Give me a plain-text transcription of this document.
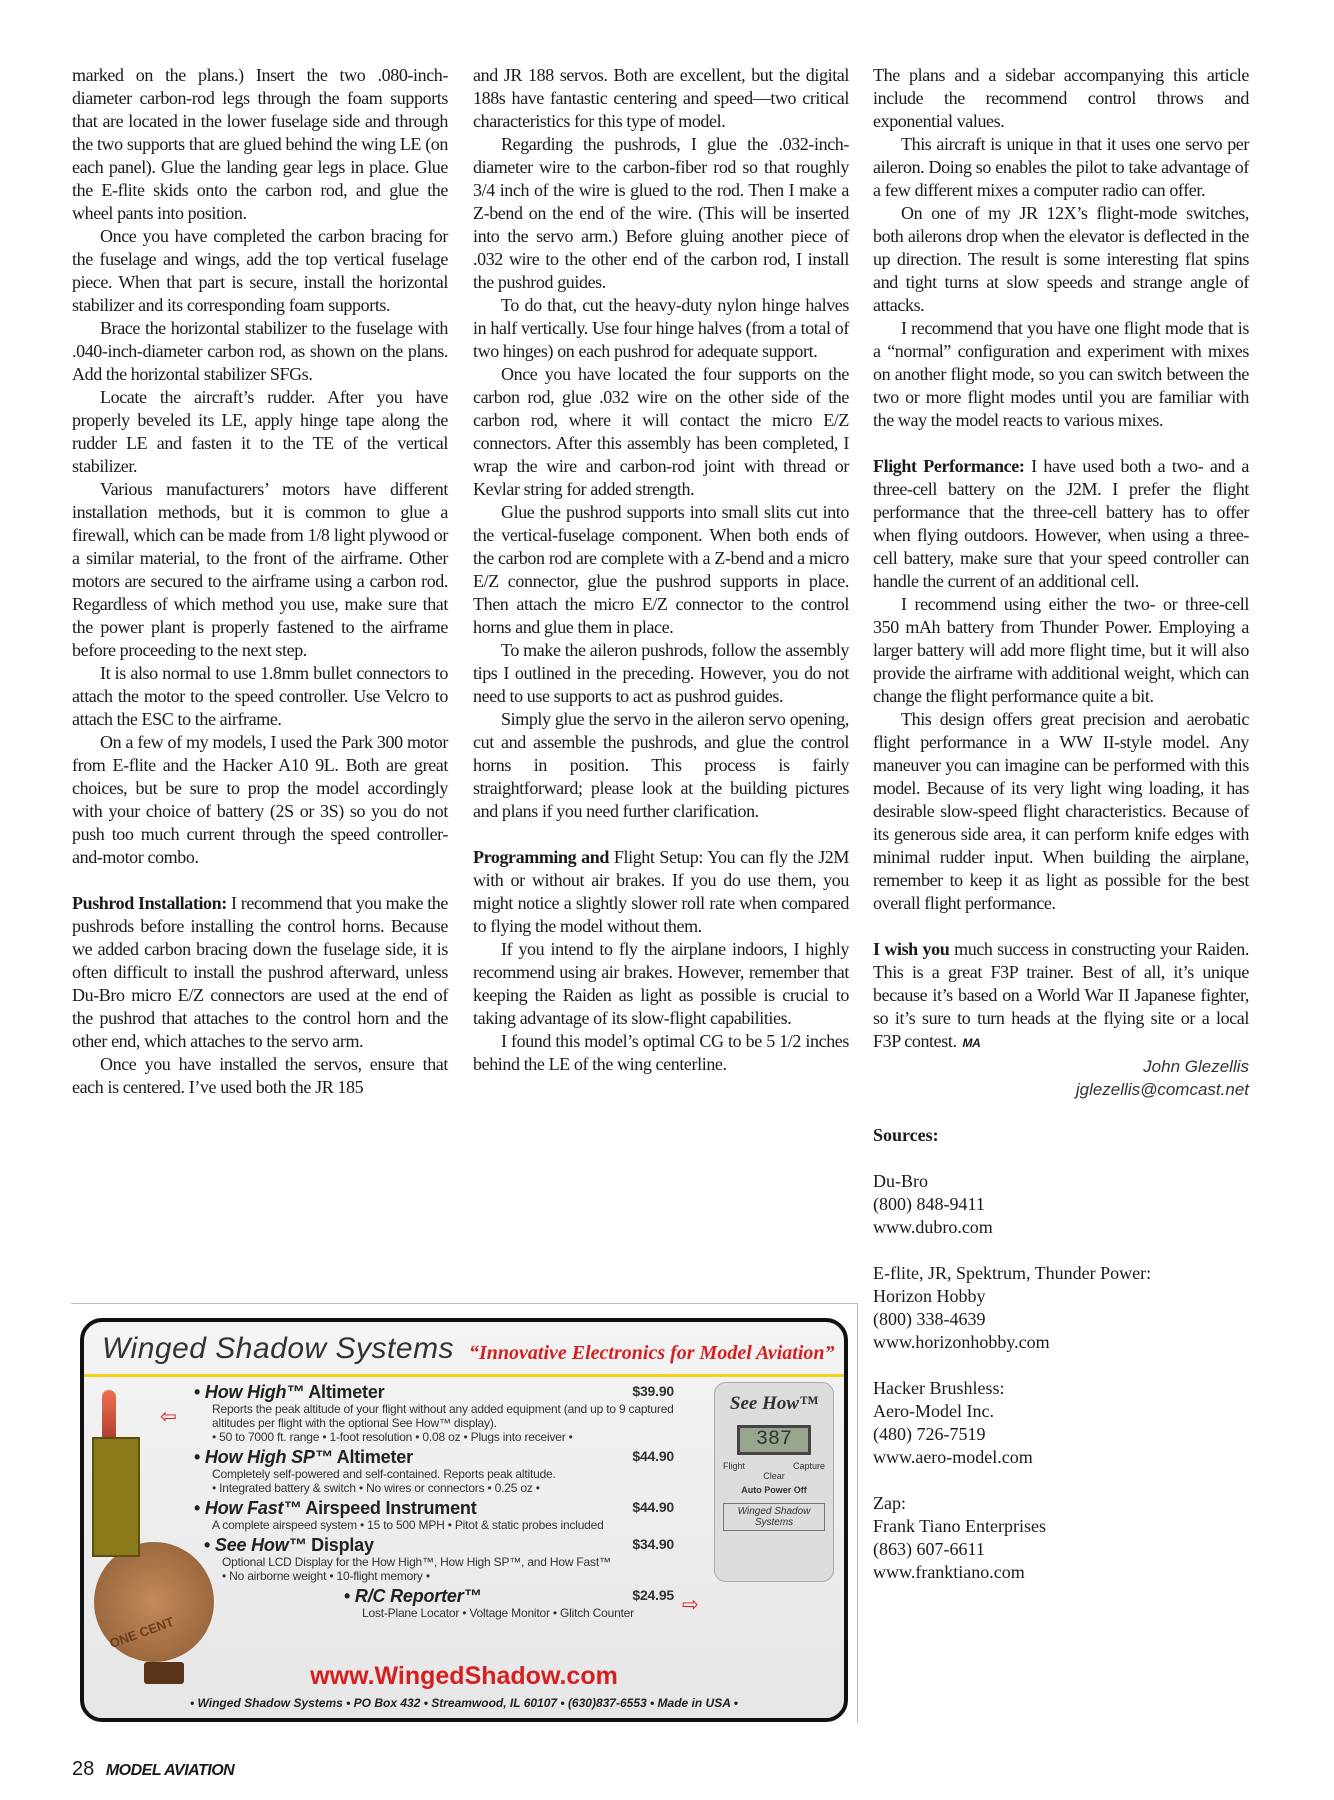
marked on the plans.) Insert the two .080-inch-diameter carbon-rod legs through the foam supports that are located in the lower fuselage side and through the two supports that are glued behind the wing LE (on each panel). Glue the landing gear legs in place. Glue the E-flite skids onto the carbon rod, and glue the wheel pants into position.

Once you have completed the carbon bracing for the fuselage and wings, add the top vertical fuselage piece. When that part is secure, install the horizontal stabilizer and its corresponding foam supports.

Brace the horizontal stabilizer to the fuselage with .040-inch-diameter carbon rod, as shown on the plans. Add the horizontal stabilizer SFGs.

Locate the aircraft’s rudder. After you have properly beveled its LE, apply hinge tape along the rudder LE and fasten it to the TE of the vertical stabilizer.

Various manufacturers’ motors have different installation methods, but it is common to glue a firewall, which can be made from 1/8 light plywood or a similar material, to the front of the airframe. Other motors are secured to the airframe using a carbon rod. Regardless of which method you use, make sure that the power plant is properly fastened to the airframe before proceeding to the next step.

It is also normal to use 1.8mm bullet connectors to attach the motor to the speed controller. Use Velcro to attach the ESC to the airframe.

On a few of my models, I used the Park 300 motor from E-flite and the Hacker A10 9L. Both are great choices, but be sure to prop the model accordingly with your choice of battery (2S or 3S) so you do not push too much current through the speed controller-and-motor combo.

Pushrod Installation: I recommend that you make the pushrods before installing the control horns. Because we added carbon bracing down the fuselage side, it is often difficult to install the pushrod afterward, unless Du-Bro micro E/Z connectors are used at the end of the pushrod that attaches to the control horn and the other end, which attaches to the servo arm.

Once you have installed the servos, ensure that each is centered. I’ve used both the JR 185

and JR 188 servos. Both are excellent, but the digital 188s have fantastic centering and speed—two critical characteristics for this type of model.

Regarding the pushrods, I glue the .032-inch-diameter wire to the carbon-fiber rod so that roughly 3/4 inch of the wire is glued to the rod. Then I make a Z-bend on the end of the wire. (This will be inserted into the servo arm.) Before gluing another piece of .032 wire to the other end of the carbon rod, I install the pushrod guides.

To do that, cut the heavy-duty nylon hinge halves in half vertically. Use four hinge halves (from a total of two hinges) on each pushrod for adequate support.

Once you have located the four supports on the carbon rod, glue .032 wire on the other side of the carbon rod, where it will contact the micro E/Z connectors. After this assembly has been completed, I wrap the wire and carbon-rod joint with thread or Kevlar string for added strength.

Glue the pushrod supports into small slits cut into the vertical-fuselage component. When both ends of the carbon rod are complete with a Z-bend and a micro E/Z connector, glue the pushrod supports in place. Then attach the micro E/Z connector to the control horns and glue them in place.

To make the aileron pushrods, follow the assembly tips I outlined in the preceding. However, you do not need to use supports to act as pushrod guides.

Simply glue the servo in the aileron servo opening, cut and assemble the pushrods, and glue the control horns in position. This process is fairly straightforward; please look at the building pictures and plans if you need further clarification.

Programming and Flight Setup: You can fly the J2M with or without air brakes. If you do use them, you might notice a slightly slower roll rate when compared to flying the model without them.

If you intend to fly the airplane indoors, I highly recommend using air brakes. However, remember that keeping the Raiden as light as possible is crucial to taking advantage of its slow-flight capabilities.

I found this model’s optimal CG to be 5 1/2 inches behind the LE of the wing centerline.

The plans and a sidebar accompanying this article include the recommend control throws and exponential values.

This aircraft is unique in that it uses one servo per aileron. Doing so enables the pilot to take advantage of a few different mixes a computer radio can offer.

On one of my JR 12X’s flight-mode switches, both ailerons drop when the elevator is deflected in the up direction. The result is some interesting flat spins and tight turns at slow speeds and strange angle of attacks.

I recommend that you have one flight mode that is a “normal” configuration and experiment with mixes on another flight mode, so you can switch between the two or more flight modes until you are familiar with the way the model reacts to various mixes.

Flight Performance: I have used both a two- and a three-cell battery on the J2M. I prefer the flight performance that the three-cell battery has to offer when flying outdoors. However, when using a three-cell battery, make sure that your speed controller can handle the current of an additional cell.

I recommend using either the two- or three-cell 350 mAh battery from Thunder Power. Employing a larger battery will add more flight time, but it will also provide the airframe with additional weight, which can change the flight performance quite a bit.

This design offers great precision and aerobatic flight performance in a WW II-style model. Any maneuver you can imagine can be performed with this model. Because of its very light wing loading, it has desirable slow-speed flight characteristics. Because of its generous side area, it can perform knife edges with minimal rudder input. When building the airplane, remember to keep it as light as possible for the best overall flight performance.

I wish you much success in constructing your Raiden. This is a great F3P trainer. Best of all, it’s unique because it’s based on a World War II Japanese fighter, so it’s sure to turn heads at the flying site or a local F3P contest. MA

John Glezellis

jglezellis@comcast.net

Sources:
Du-Bro
(800) 848-9411
www.dubro.com
E-flite, JR, Spektrum, Thunder Power:
Horizon Hobby
(800) 338-4639
www.horizonhobby.com
Hacker Brushless:
Aero-Model Inc.
(480) 726-7519
www.aero-model.com
Zap:
Frank Tiano Enterprises
(863) 607-6611
www.franktiano.com
Winged Shadow Systems “Innovative Electronics for Model Aviation”
ONE CENT
⇦
⇨
• How High™ Altimeter	$39.90
Reports the peak altitude of your flight without any added equipment (and up to 9 captured altitudes per flight with the optional See How™ display).
• 50 to 7000 ft. range • 1-foot resolution • 0.08 oz • Plugs into receiver •
• How High SP™ Altimeter	$44.90
Completely self-powered and self-contained. Reports peak altitude.
• Integrated battery & switch • No wires or connectors • 0.25 oz •
• How Fast™ Airspeed Instrument	$44.90
A complete airspeed system • 15 to 500 MPH • Pitot & static probes included
• See How™ Display	$34.90
Optional LCD Display for the How High™, How High SP™, and How Fast™
• No airborne weight • 10-flight memory •
• R/C Reporter™	$24.95
Lost-Plane Locator • Voltage Monitor • Glitch Counter
See How™
387
Flight	Capture
Clear
Auto Power Off
Winged Shadow Systems
www.WingedShadow.com
• Winged Shadow Systems • PO Box 432 • Streamwood, IL 60107 • (630)837-6553 • Made in USA •
28 MODEL AVIATION
